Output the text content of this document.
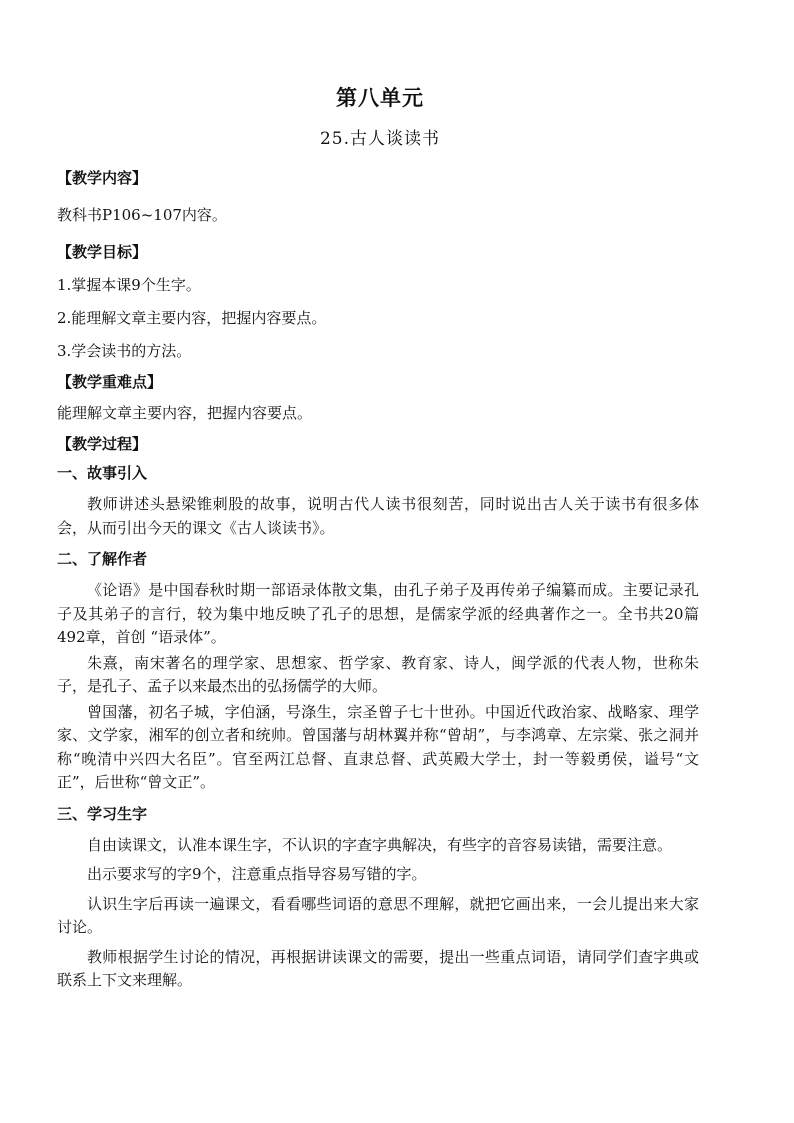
第八单元
25.古人谈读书
【教学内容】
教科书P106~107内容。
【教学目标】
1.掌握本课9个生字。
2.能理解文章主要内容，把握内容要点。
3.学会读书的方法。
【教学重难点】
能理解文章主要内容，把握内容要点。
【教学过程】
一、故事引入
教师讲述头悬梁锥刺股的故事，说明古代人读书很刻苦，同时说出古人关于读书有很多体会，从而引出今天的课文《古人谈读书》。
二、了解作者
《论语》是中国春秋时期一部语录体散文集，由孔子弟子及再传弟子编纂而成。主要记录孔子及其弟子的言行，较为集中地反映了孔子的思想，是儒家学派的经典著作之一。全书共20篇492章，首创 “语录体”。
朱熹，南宋著名的理学家、思想家、哲学家、教育家、诗人，闽学派的代表人物，世称朱子，是孔子、孟子以来最杰出的弘扬儒学的大师。
曾国藩，初名子城，字伯涵，号涤生，宗圣曾子七十世孙。中国近代政治家、战略家、理学家、文学家，湘军的创立者和统帅。曾国藩与胡林翼并称“曾胡”，与李鸿章、左宗棠、张之洞并称“晚清中兴四大名臣”。官至两江总督、直隶总督、武英殿大学士，封一等毅勇侯，谥号“文正”，后世称“曾文正”。
三、学习生字
自由读课文，认准本课生字，不认识的字查字典解决，有些字的音容易读错，需要注意。
出示要求写的字9个，注意重点指导容易写错的字。
认识生字后再读一遍课文，看看哪些词语的意思不理解，就把它画出来，一会儿提出来大家讨论。
教师根据学生讨论的情况，再根据讲读课文的需要，提出一些重点词语，请同学们查字典或联系上下文来理解。
